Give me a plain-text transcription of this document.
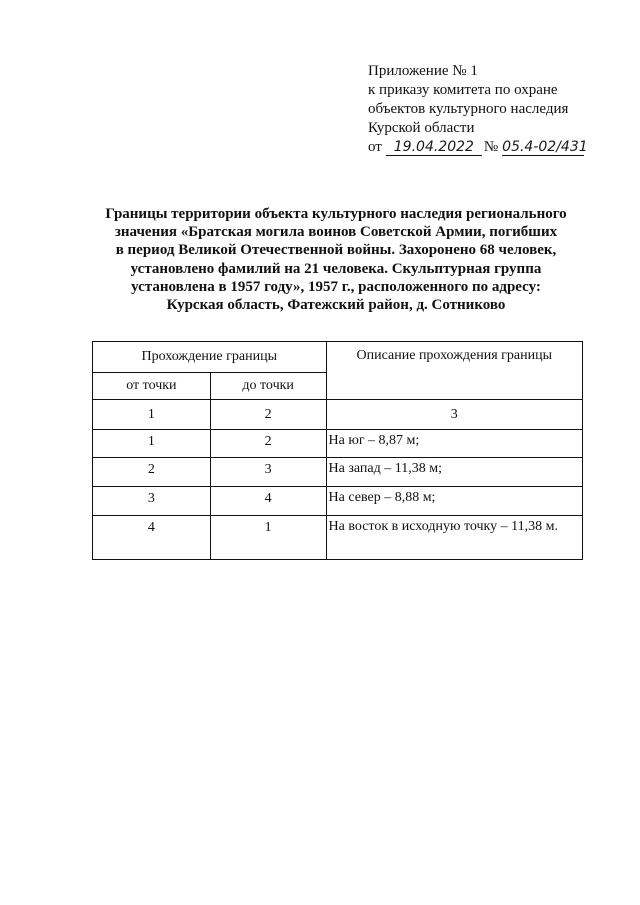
Приложение № 1
к приказу комитета по охране
объектов культурного наследия
Курской области
от 19.04.2022 № 05.4-02/431
Границы территории объекта культурного наследия регионального
значения «Братская могила воинов Советской Армии, погибших
в период Великой Отечественной войны. Захоронено 68 человек,
установлено фамилий на 21 человека. Скульптурная группа
установлена в 1957 году», 1957 г., расположенного по адресу:
Курская область, Фатежский район, д. Сотниково
Прохождение границы		Описание прохождения границы
от точки	до точки	
1	2	3
1	2	На юг – 8,87 м;
2	3	На запад – 11,38 м;
3	4	На север – 8,88 м;
4	1	На восток в исходную точку – 11,38 м.
